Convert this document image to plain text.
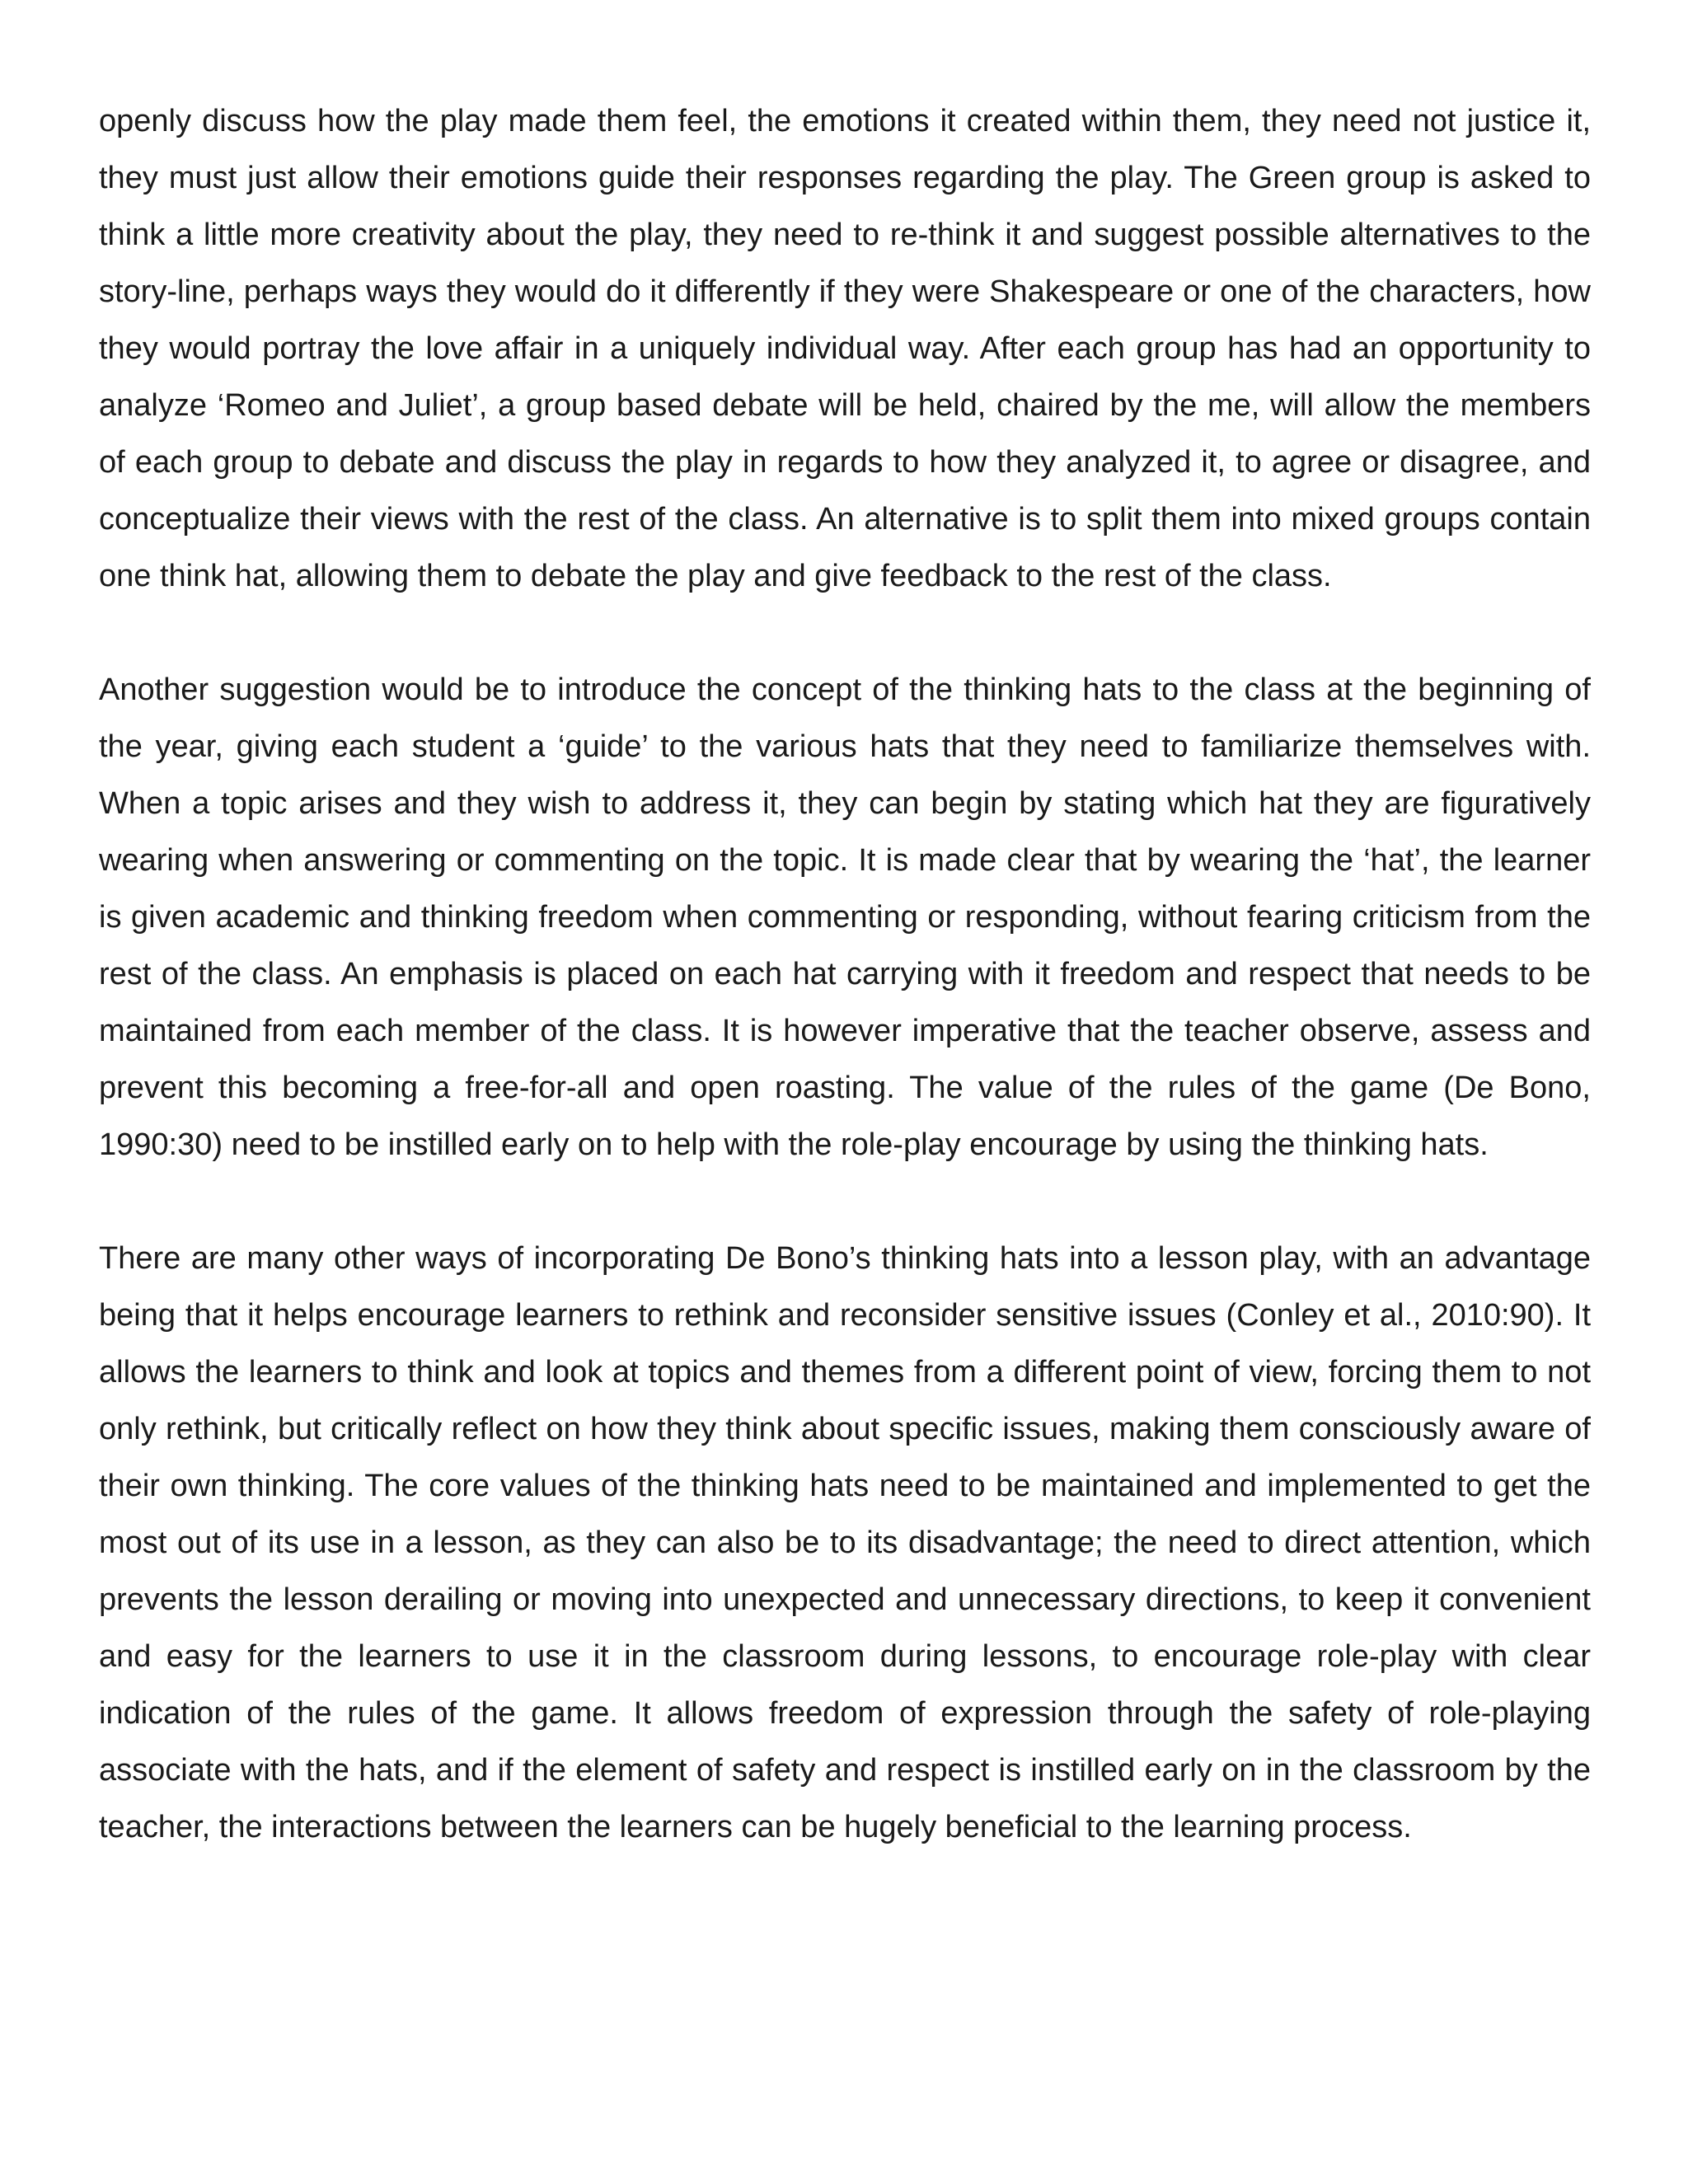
openly discuss how the play made them feel, the emotions it created within them, they need not justice it, they must just allow their emotions guide their responses regarding the play. The Green group is asked to think a little more creativity about the play, they need to re-think it and suggest possible alternatives to the story-line, perhaps ways they would do it differently if they were Shakespeare or one of the characters, how they would portray the love affair in a uniquely individual way. After each group has had an opportunity to analyze ‘Romeo and Juliet’, a group based debate will be held, chaired by the me, will allow the members of each group to debate and discuss the play in regards to how they analyzed it, to agree or disagree, and conceptualize their views with the rest of the class. An alternative is to split them into mixed groups contain one think hat, allowing them to debate the play and give feedback to the rest of the class.

Another suggestion would be to introduce the concept of the thinking hats to the class at the beginning of the year, giving each student a ‘guide’ to the various hats that they need to familiarize themselves with. When a topic arises and they wish to address it, they can begin by stating which hat they are figuratively wearing when answering or commenting on the topic. It is made clear that by wearing the ‘hat’, the learner is given academic and thinking freedom when commenting or responding, without fearing criticism from the rest of the class. An emphasis is placed on each hat carrying with it freedom and respect that needs to be maintained from each member of the class. It is however imperative that the teacher observe, assess and prevent this becoming a free-for-all and open roasting. The value of the rules of the game (De Bono, 1990:30) need to be instilled early on to help with the role-play encourage by using the thinking hats.

There are many other ways of incorporating De Bono’s thinking hats into a lesson play, with an advantage being that it helps encourage learners to rethink and reconsider sensitive issues (Conley et al., 2010:90). It allows the learners to think and look at topics and themes from a different point of view, forcing them to not only rethink, but critically reflect on how they think about specific issues, making them consciously aware of their own thinking. The core values of the thinking hats need to be maintained and implemented to get the most out of its use in a lesson, as they can also be to its disadvantage; the need to direct attention, which prevents the lesson derailing or moving into unexpected and unnecessary directions, to keep it convenient and easy for the learners to use it in the classroom during lessons, to encourage role-play with clear indication of the rules of the game. It allows freedom of expression through the safety of role-playing associate with the hats, and if the element of safety and respect is instilled early on in the classroom by the teacher, the interactions between the learners can be hugely beneficial to the learning process.
